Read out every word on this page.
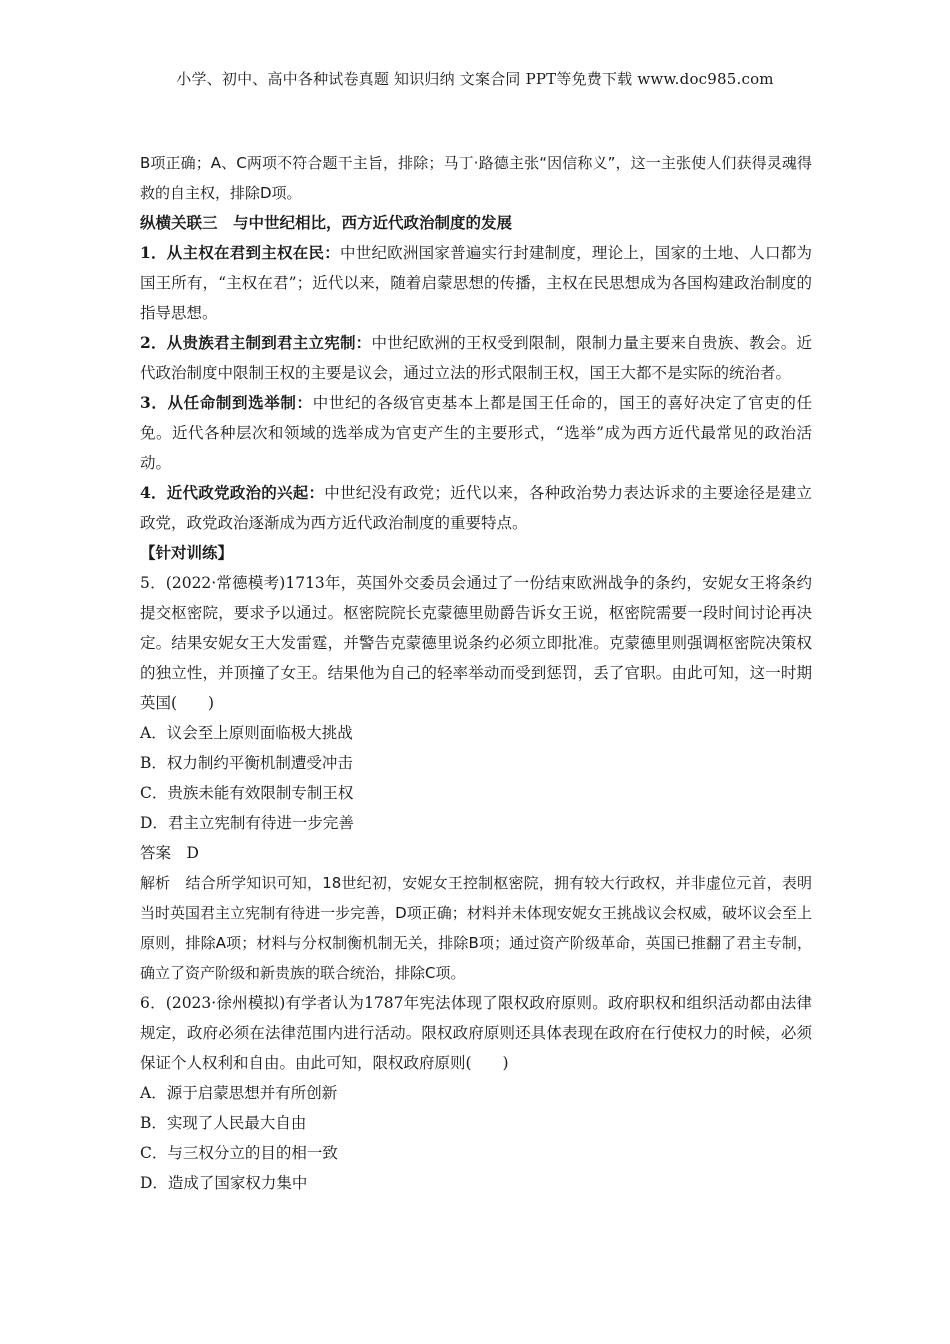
小学、初中、高中各种试卷真题 知识归纳 文案合同 PPT等免费下载 www.doc985.com

B项正确；A、C两项不符合题干主旨，排除；马丁·路德主张“因信称义”，这一主张使人们获得灵魂得救的自主权，排除D项。

纵横关联三　与中世纪相比，西方近代政治制度的发展

1．从主权在君到主权在民：中世纪欧洲国家普遍实行封建制度，理论上，国家的土地、人口都为国王所有，“主权在君”；近代以来，随着启蒙思想的传播，主权在民思想成为各国构建政治制度的指导思想。

2．从贵族君主制到君主立宪制：中世纪欧洲的王权受到限制，限制力量主要来自贵族、教会。近代政治制度中限制王权的主要是议会，通过立法的形式限制王权，国王大都不是实际的统治者。

3．从任命制到选举制：中世纪的各级官吏基本上都是国王任命的，国王的喜好决定了官吏的任免。近代各种层次和领域的选举成为官吏产生的主要形式，“选举”成为西方近代最常见的政治活动。

4．近代政党政治的兴起：中世纪没有政党；近代以来，各种政治势力表达诉求的主要途径是建立政党，政党政治逐渐成为西方近代政治制度的重要特点。

【针对训练】

5．(2022·常德模考)1713年，英国外交委员会通过了一份结束欧洲战争的条约，安妮女王将条约提交枢密院，要求予以通过。枢密院院长克蒙德里勋爵告诉女王说，枢密院需要一段时间讨论再决定。结果安妮女王大发雷霆，并警告克蒙德里说条约必须立即批准。克蒙德里则强调枢密院决策权的独立性，并顶撞了女王。结果他为自己的轻率举动而受到惩罚，丢了官职。由此可知，这一时期英国(　　)

A．议会至上原则面临极大挑战

B．权力制约平衡机制遭受冲击

C．贵族未能有效限制专制王权

D．君主立宪制有待进一步完善

答案　D

解析　结合所学知识可知，18世纪初，安妮女王控制枢密院，拥有较大行政权，并非虚位元首，表明当时英国君主立宪制有待进一步完善，D项正确；材料并未体现安妮女王挑战议会权威，破坏议会至上原则，排除A项；材料与分权制衡机制无关，排除B项；通过资产阶级革命，英国已推翻了君主专制，确立了资产阶级和新贵族的联合统治，排除C项。

6．(2023·徐州模拟)有学者认为1787年宪法体现了限权政府原则。政府职权和组织活动都由法律规定，政府必须在法律范围内进行活动。限权政府原则还具体表现在政府在行使权力的时候，必须保证个人权利和自由。由此可知，限权政府原则(　　)

A．源于启蒙思想并有所创新

B．实现了人民最大自由

C．与三权分立的目的相一致

D．造成了国家权力集中
